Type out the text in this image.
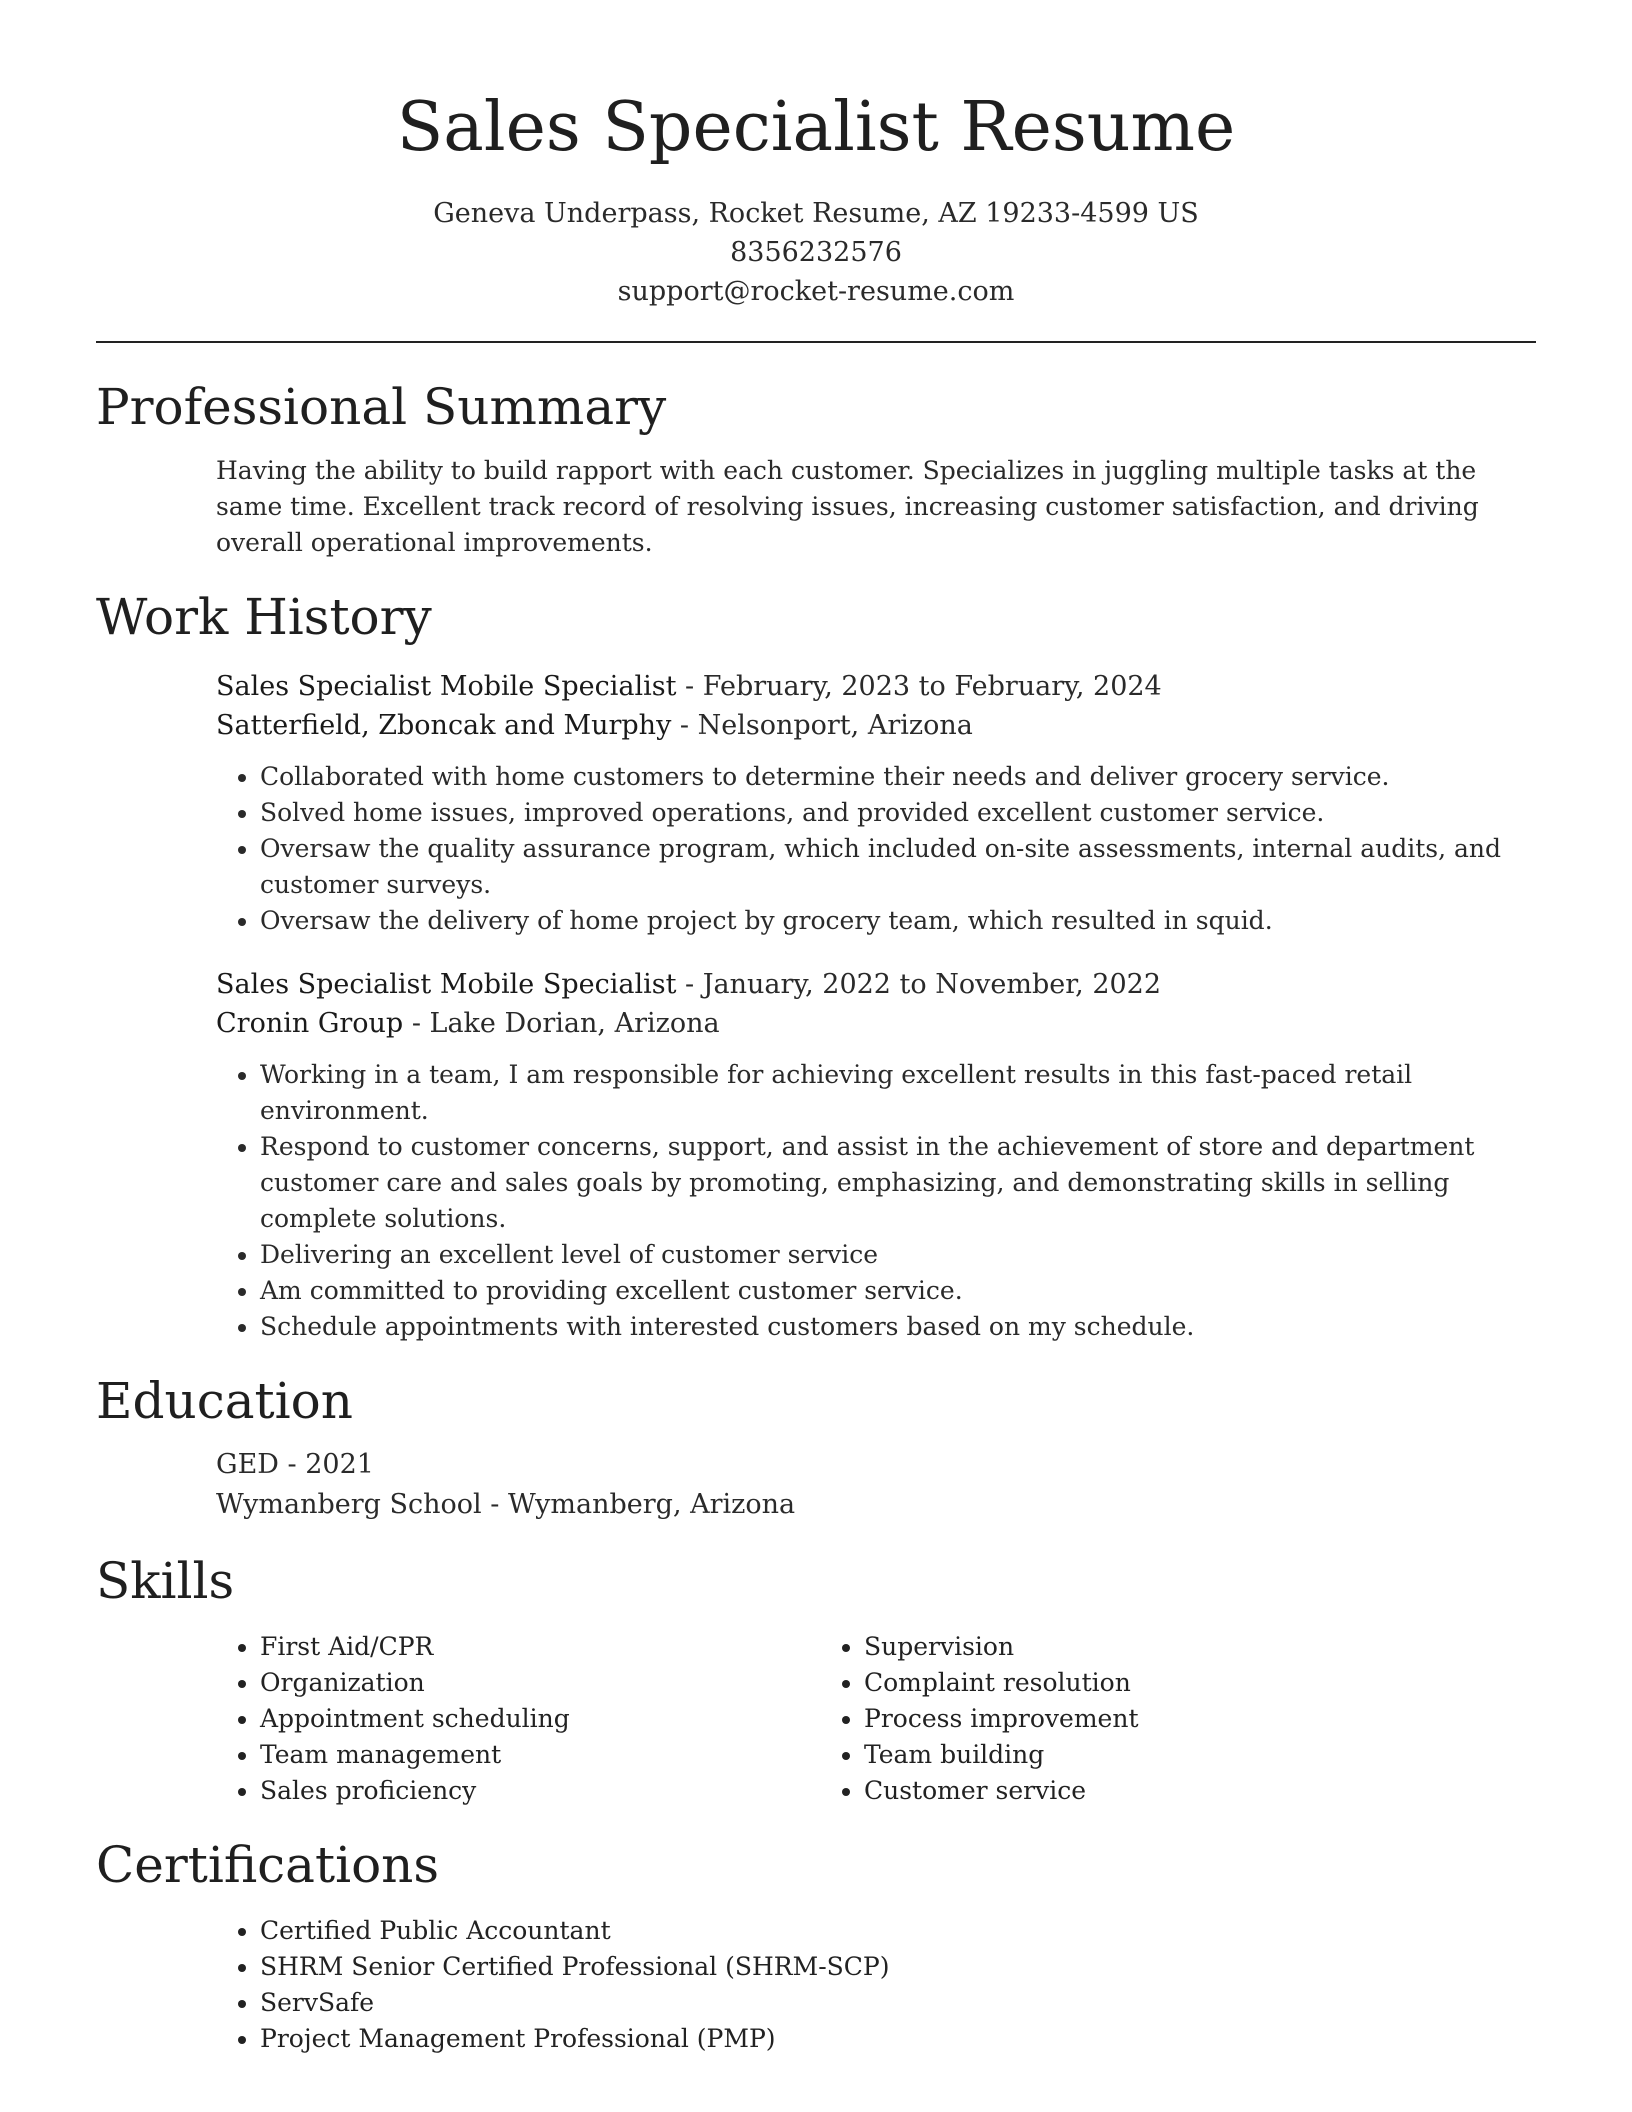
Sales Specialist Resume
Geneva Underpass, Rocket Resume, AZ 19233-4599 US
8356232576
support@rocket-resume.com
Professional Summary

Having the ability to build rapport with each customer. Specializes in juggling multiple tasks at the same time. Excellent track record of resolving issues, increasing customer satisfaction, and driving overall operational improvements.

Work History
Sales Specialist Mobile Specialist - February, 2023 to February, 2024
Satterfield, Zboncak and Murphy - Nelsonport, Arizona
• Collaborated with home customers to determine their needs and deliver grocery service.
• Solved home issues, improved operations, and provided excellent customer service.
• Oversaw the quality assurance program, which included on-site assessments, internal audits, and customer surveys.
• Oversaw the delivery of home project by grocery team, which resulted in squid.
Sales Specialist Mobile Specialist - January, 2022 to November, 2022
Cronin Group - Lake Dorian, Arizona
• Working in a team, I am responsible for achieving excellent results in this fast-paced retail environment.
• Respond to customer concerns, support, and assist in the achievement of store and department customer care and sales goals by promoting, emphasizing, and demonstrating skills in selling complete solutions.
• Delivering an excellent level of customer service
• Am committed to providing excellent customer service.
• Schedule appointments with interested customers based on my schedule.
Education
GED - 2021
Wymanberg School - Wymanberg, Arizona
Skills
• First Aid/CPR
• Organization
• Appointment scheduling
• Team management
• Sales proficiency
• Supervision
• Complaint resolution
• Process improvement
• Team building
• Customer service
Certifications
• Certified Public Accountant
• SHRM Senior Certified Professional (SHRM-SCP)
• ServSafe
• Project Management Professional (PMP)
